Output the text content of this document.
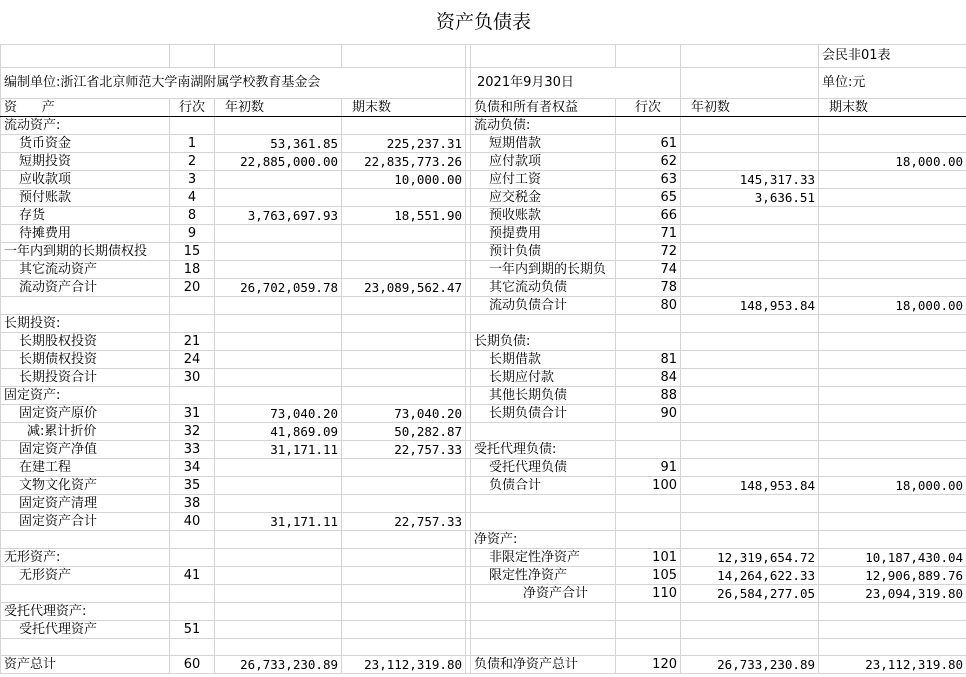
资产负债表								
								会民非01表
编制单位:浙江省北京师范大学南湖附属学校教育基金会					2021年9月30日			单位:元
资      产	行次	年初数	期末数		负债和所有者权益	行次	年初数	期末数
流动资产:					流动负债:			
货币资金	1	53,361.85	225,237.31		短期借款	61		
短期投资	2	22,885,000.00	22,835,773.26		应付款项	62		18,000.00
应收款项	3		10,000.00		应付工资	63	145,317.33	
预付账款	4				应交税金	65	3,636.51	
存货	8	3,763,697.93	18,551.90		预收账款	66		
待摊费用	9				预提费用	71		
一年内到期的长期债权投	15				预计负债	72		
其它流动资产	18				一年内到期的长期负	74		
流动资产合计	20	26,702,059.78	23,089,562.47		其它流动负债	78		
					流动负债合计	80	148,953.84	18,000.00
长期投资:								
长期股权投资	21				长期负债:			
长期债权投资	24				长期借款	81		
长期投资合计	30				长期应付款	84		
固定资产:					其他长期负债	88		
固定资产原价	31	73,040.20	73,040.20		长期负债合计	90		
减:累计折价	32	41,869.09	50,282.87					
固定资产净值	33	31,171.11	22,757.33		受托代理负债:			
在建工程	34				受托代理负债	91		
文物文化资产	35				负债合计	100	148,953.84	18,000.00
固定资产清理	38							
固定资产合计	40	31,171.11	22,757.33					
					净资产:			
无形资产:					非限定性净资产	101	12,319,654.72	10,187,430.04
无形资产	41				限定性净资产	105	14,264,622.33	12,906,889.76
					净资产合计	110	26,584,277.05	23,094,319.80
受托代理资产:								
受托代理资产	51							

资产总计	60	26,733,230.89	23,112,319.80		负债和净资产总计	120	26,733,230.89	23,112,319.80
